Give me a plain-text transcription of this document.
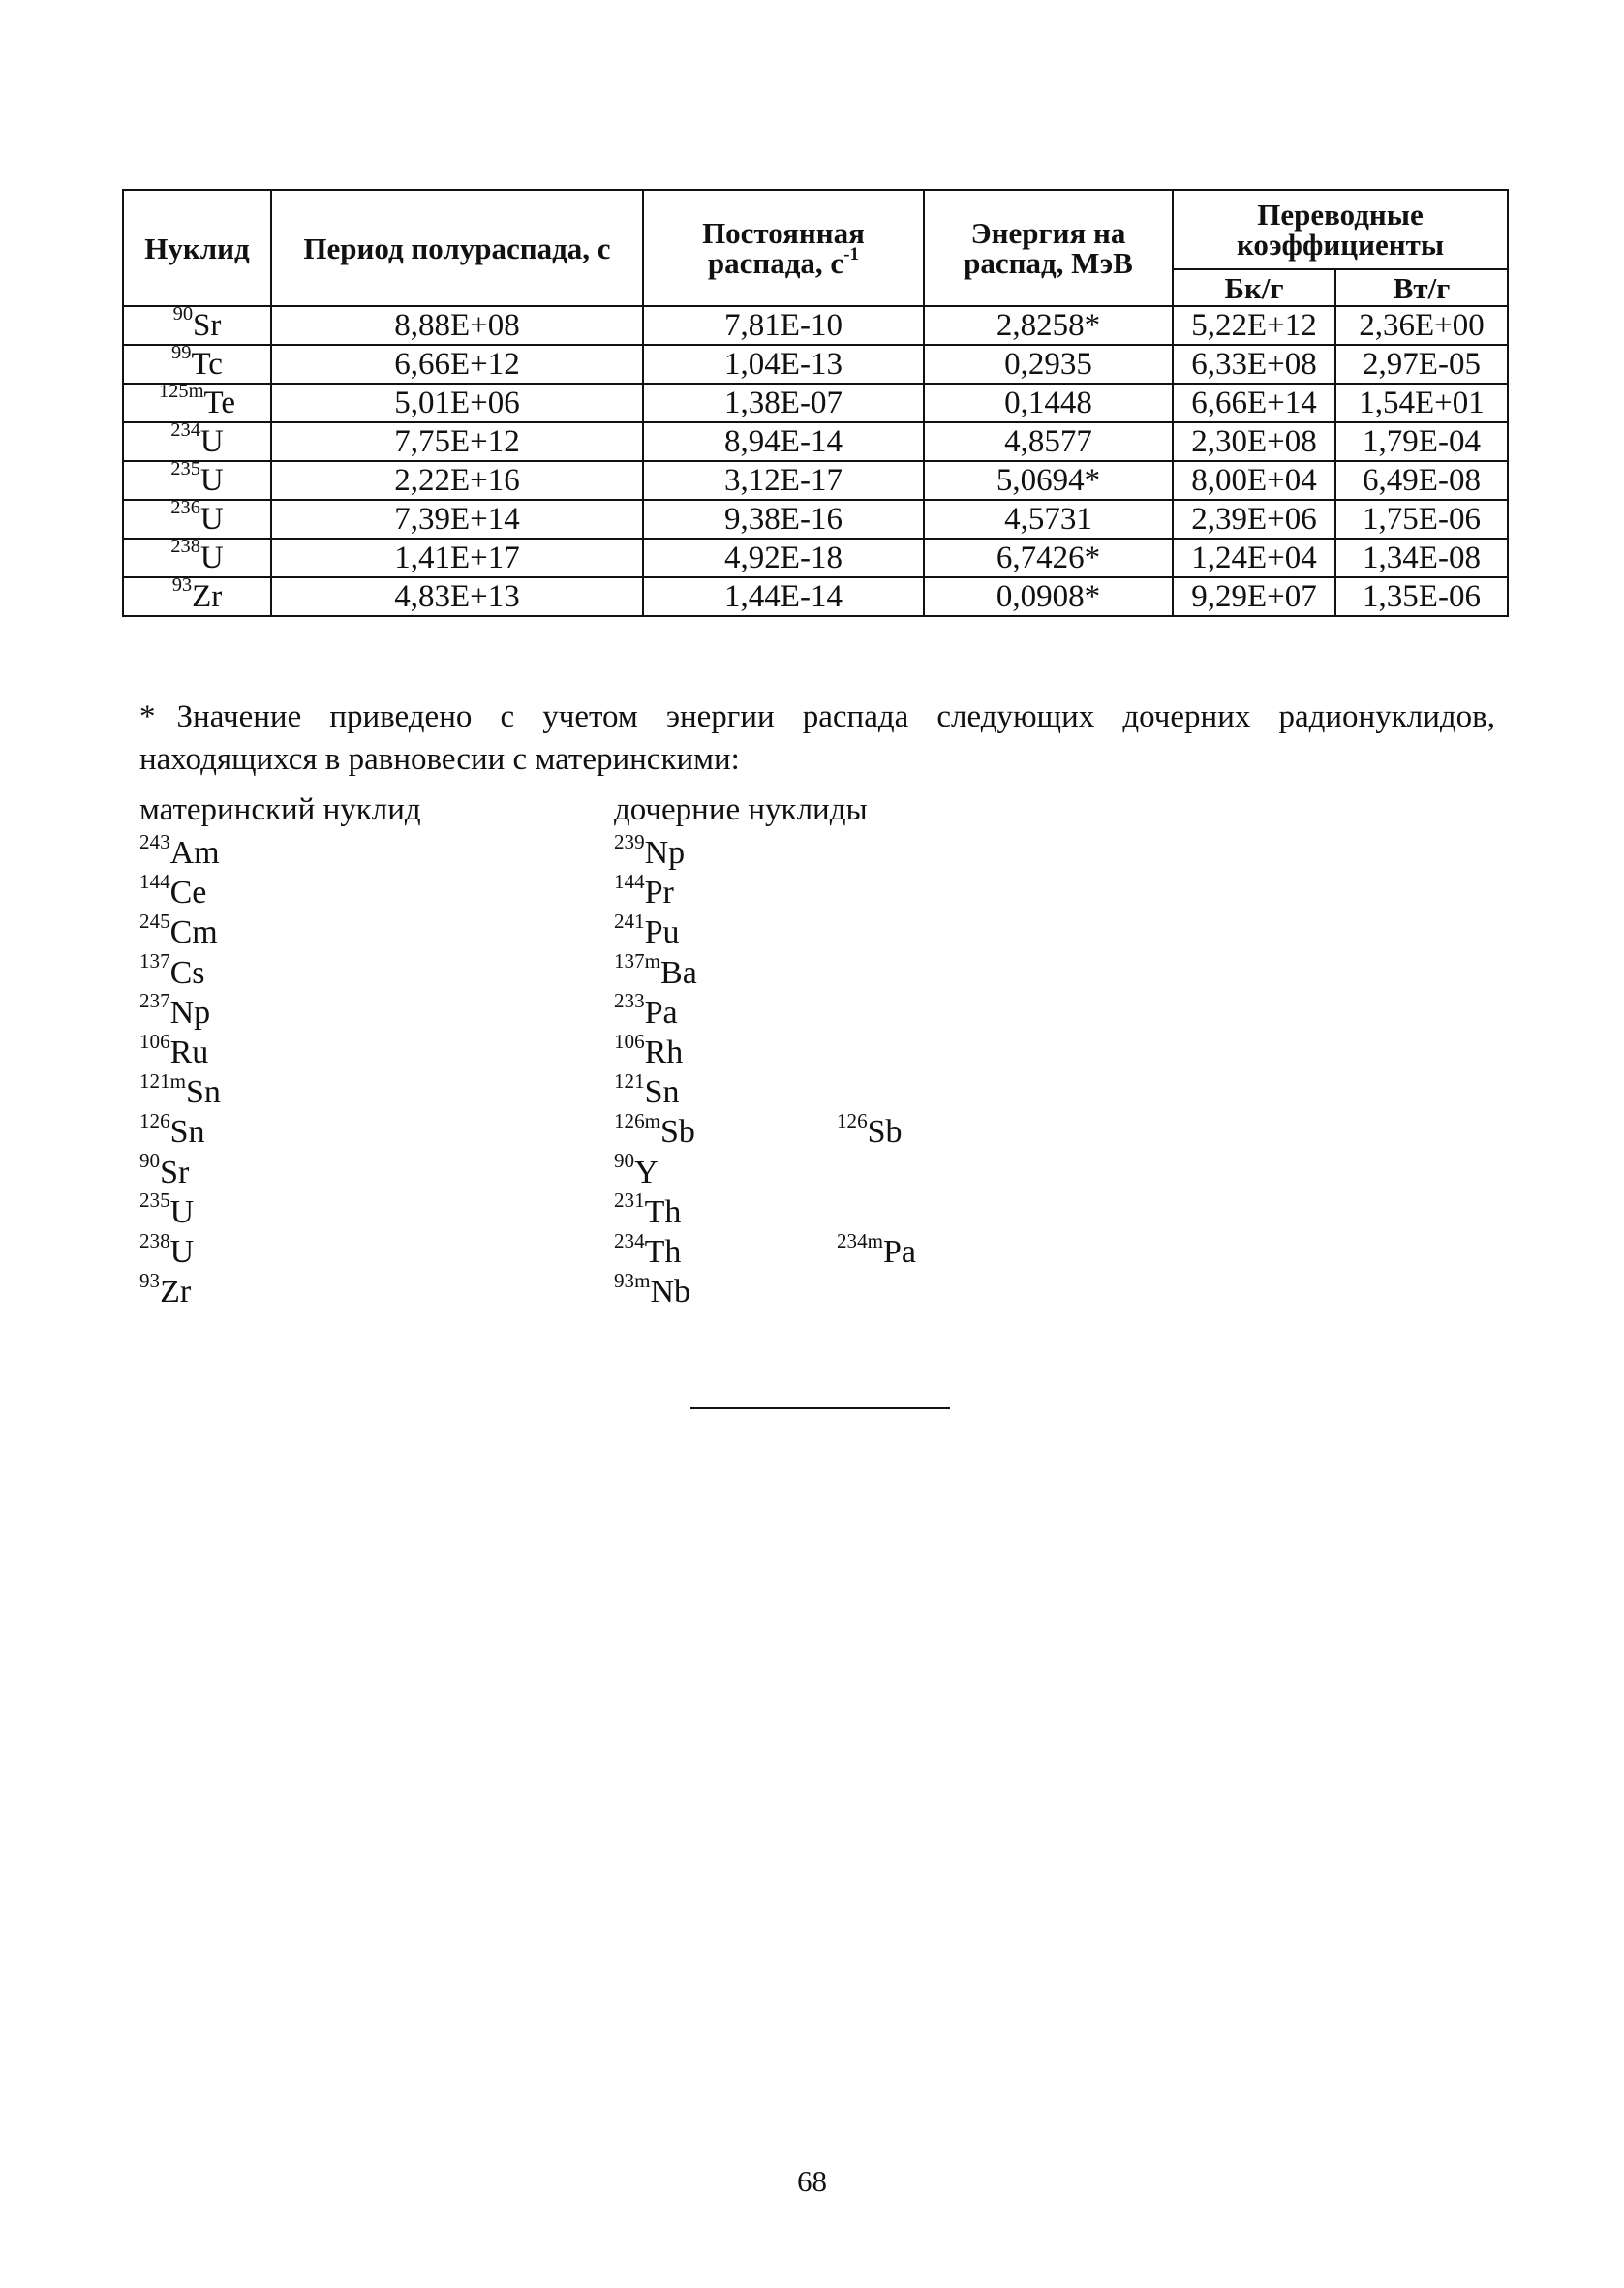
Нуклид	Период полураспада, с	Постоянная распада, $с^{-1}$	Энергия на распад, МэВ	Переводные коэффициенты	
				Бк/г	Вт/г
$^{90}$Sr	8,88E+08	7,81E-10	2,8258*	5,22E+12	2,36E+00
$^{99}$Tc	6,66E+12	1,04E-13	0,2935	6,33E+08	2,97E-05
$^{125m}$Te	5,01E+06	1,38E-07	0,1448	6,66E+14	1,54E+01
$^{234}$U	7,75E+12	8,94E-14	4,8577	2,30E+08	1,79E-04
$^{235}$U	2,22E+16	3,12E-17	5,0694*	8,00E+04	6,49E-08
$^{236}$U	7,39E+14	9,38E-16	4,5731	2,39E+06	1,75E-06
$^{238}$U	1,41E+17	4,92E-18	6,7426*	1,24E+04	1,34E-08
$^{93}$Zr	4,83E+13	1,44E-14	0,0908*	9,29E+07	1,35E-06

* Значение приведено с учетом энергии распада следующих дочерних радионуклидов, находящихся в равновесии с материнскими:

материнский нуклид	дочерние нуклиды
$^{243}$Am	$^{239}$Np
$^{144}$Ce	$^{144}$Pr
$^{245}$Cm	$^{241}$Pu
$^{137}$Cs	$^{137m}$Ba
$^{237}$Np	$^{233}$Pa
$^{106}$Ru	$^{106}$Rh
$^{121m}$Sn	$^{121}$Sn
$^{126}$Sn	$^{126m}$Sb	$^{126}$Sb
$^{90}$Sr	$^{90}$Y
$^{235}$U	$^{231}$Th
$^{238}$U	$^{234}$Th	$^{234m}$Pa
$^{93}$Zr	$^{93m}$Nb
68
